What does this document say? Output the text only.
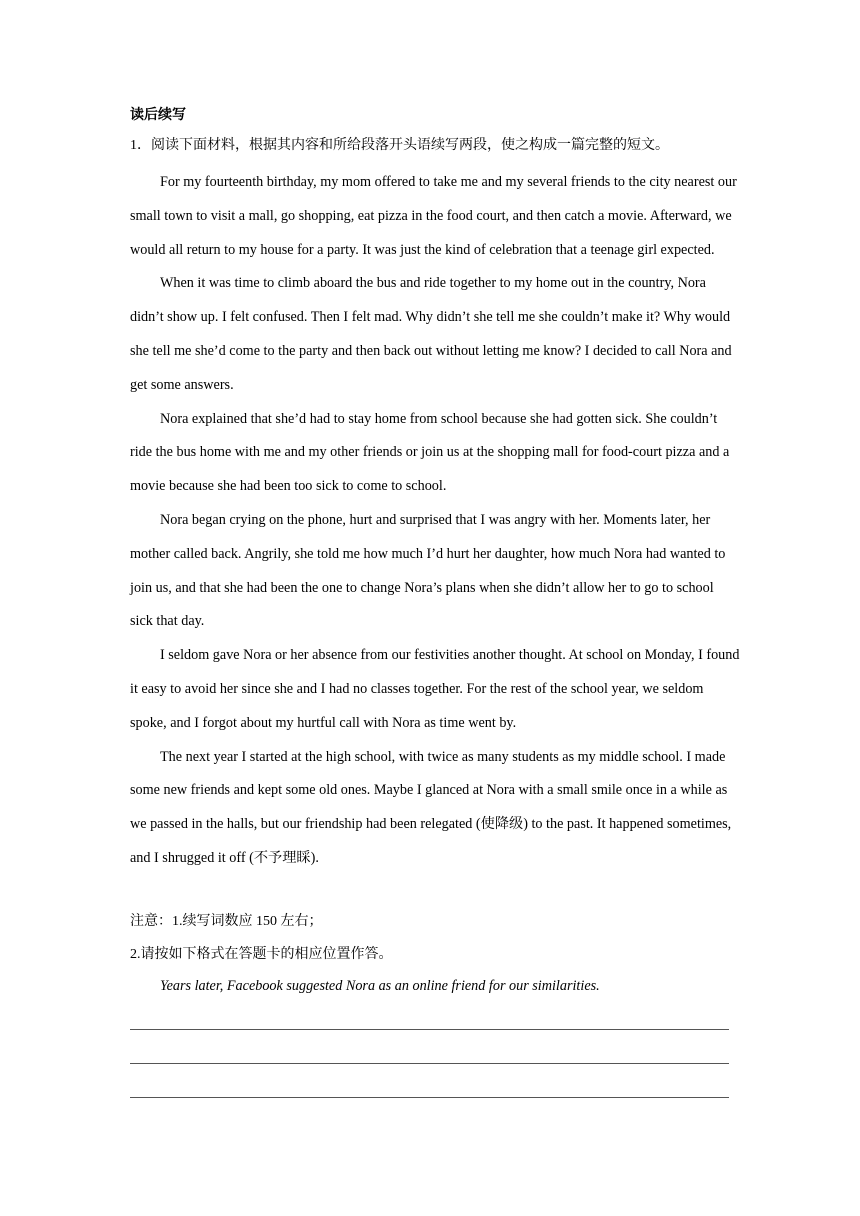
读后续写
1．阅读下面材料，根据其内容和所给段落开头语续写两段，使之构成一篇完整的短文。

For my fourteenth birthday, my mom offered to take me and my several friends to the city nearest our small town to visit a mall, go shopping, eat pizza in the food court, and then catch a movie. Afterward, we would all return to my house for a party. It was just the kind of celebration that a teenage girl expected.

When it was time to climb aboard the bus and ride together to my home out in the country, Nora didn’t show up. I felt confused. Then I felt mad. Why didn’t she tell me she couldn’t make it? Why would she tell me she’d come to the party and then back out without letting me know? I decided to call Nora and get some answers.

Nora explained that she’d had to stay home from school because she had gotten sick. She couldn’t ride the bus home with me and my other friends or join us at the shopping mall for food-court pizza and a movie because she had been too sick to come to school.

Nora began crying on the phone, hurt and surprised that I was angry with her. Moments later, her mother called back. Angrily, she told me how much I’d hurt her daughter, how much Nora had wanted to join us, and that she had been the one to change Nora’s plans when she didn’t allow her to go to school sick that day.

I seldom gave Nora or her absence from our festivities another thought. At school on Monday, I found it easy to avoid her since she and I had no classes together. For the rest of the school year, we seldom spoke, and I forgot about my hurtful call with Nora as time went by.

The next year I started at the high school, with twice as many students as my middle school. I made some new friends and kept some old ones. Maybe I glanced at Nora with a small smile once in a while as we passed in the halls, but our friendship had been relegated (使降级) to the past. It happened sometimes, and I shrugged it off (不予理睬).

注意：1.续写词数应 150 左右；
2.请按如下格式在答题卡的相应位置作答。
Years later, Facebook suggested Nora as an online friend for our similarities.
